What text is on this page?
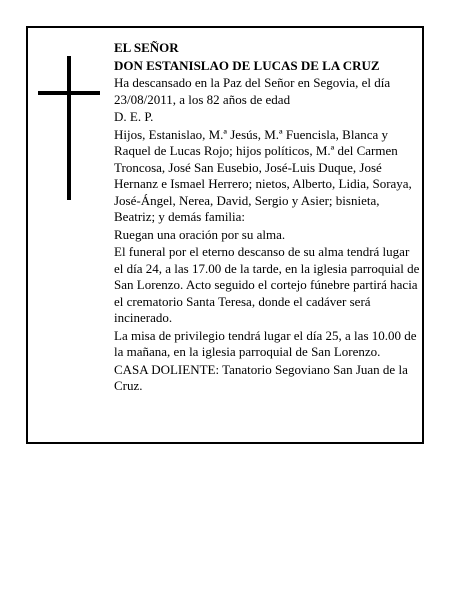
EL SEÑOR

DON ESTANISLAO DE LUCAS DE LA CRUZ

Ha descansado en la Paz del Señor en Segovia, el día 23/08/2011, a los 82 años de edad

D. E. P.

Hijos, Estanislao, M.ª Jesús, M.ª Fuencisla, Blanca y Raquel de Lucas Rojo; hijos políticos, M.ª del Carmen Troncosa, José San Eusebio, José-Luis Duque, José Hernanz e Ismael Herrero; nietos, Alberto, Lidia, Soraya, José-Ángel, Nerea, David, Sergio y Asier; bisnieta, Beatriz; y demás familia:

Ruegan una oración por su alma.

El funeral por el eterno descanso de su alma tendrá lugar el día 24, a las 17.00 de la tarde, en la iglesia parroquial de San Lorenzo. Acto seguido el cortejo fúnebre partirá hacia el crematorio Santa Teresa, donde el cadáver será incinerado.

La misa de privilegio tendrá lugar el día 25, a las 10.00 de la mañana, en la iglesia parroquial de San Lorenzo.

CASA DOLIENTE: Tanatorio Segoviano San Juan de la Cruz.
